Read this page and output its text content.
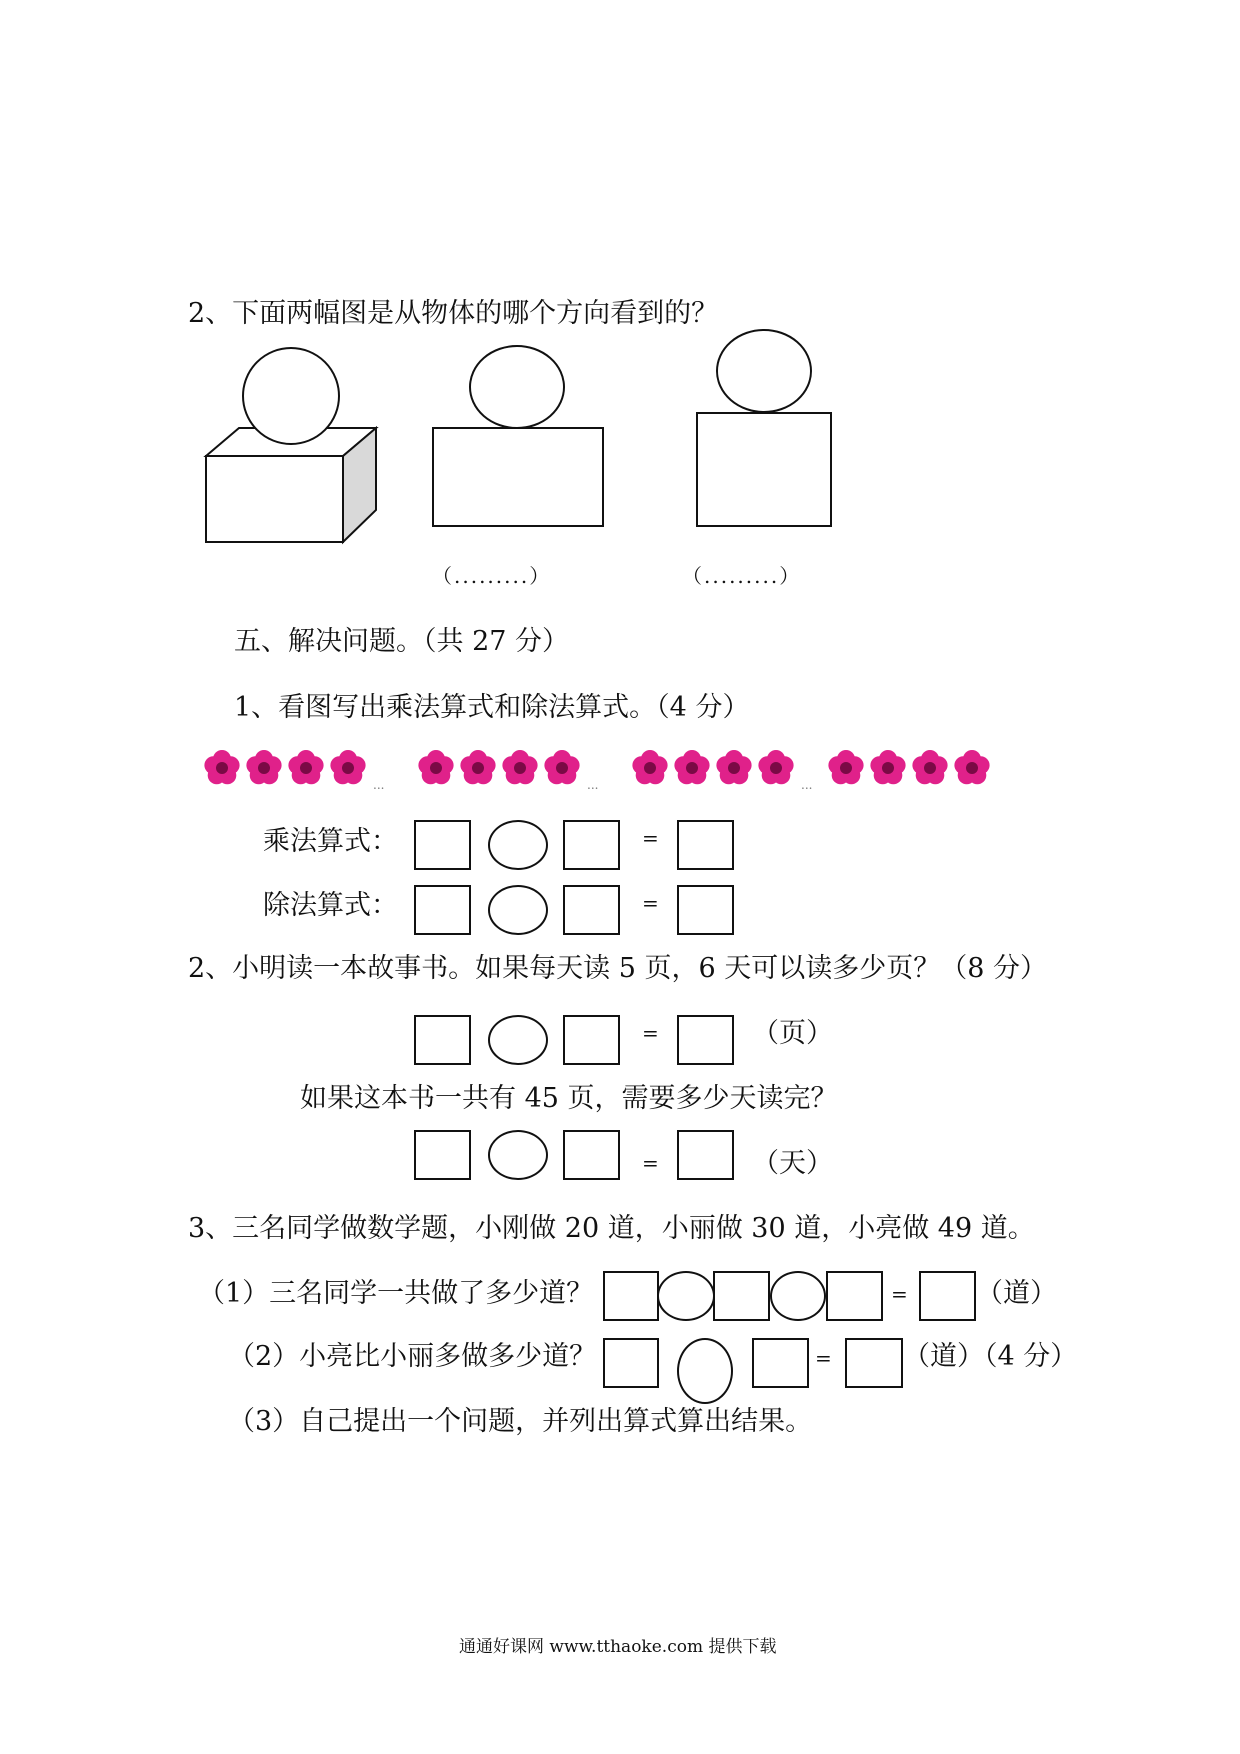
2、下面两幅图是从物体的哪个方向看到的？
（.........）	（.........）
五、解决问题。（共 27 分）
1、看图写出乘法算式和除法算式。（4 分）
...	...	...
乘法算式：	=
除法算式：	=
2、小明读一本故事书。如果每天读 5 页，6 天可以读多少页？（8 分）
=	（页）
如果这本书一共有 45 页，需要多少天读完？
=	（天）
3、三名同学做数学题，小刚做 20 道，小丽做 30 道，小亮做 49 道。
（1）三名同学一共做了多少道？	=	（道）
（2）小亮比小丽多做多少道？	=	（道）（4 分）
（3）自己提出一个问题，并列出算式算出结果。
通通好课网 www.tthaoke.com 提供下载
